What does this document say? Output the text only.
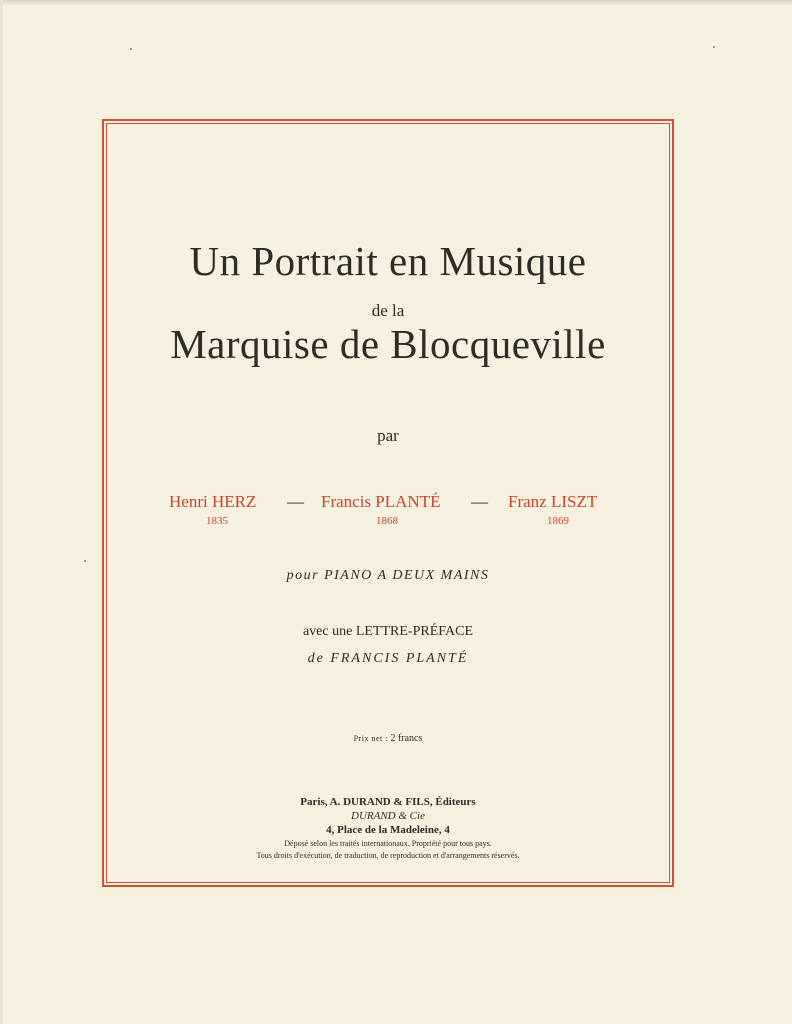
Un Portrait en Musique
de la
Marquise de Blocqueville
par
Henri HERZ
1835
— Francis PLANTÉ
1868
— Franz LISZT
1869
pour PIANO A DEUX MAINS
avec une LETTRE-PRÉFACE
de FRANCIS PLANTÉ
Prix net : 2 francs
Paris, A. DURAND & FILS, Éditeurs
DURAND & Cie
4, Place de la Madeleine, 4
Déposé selon les traités internationaux. Propriété pour tous pays.
Tous droits d'exécution, de traduction, de reproduction et d'arrangements réservés.
